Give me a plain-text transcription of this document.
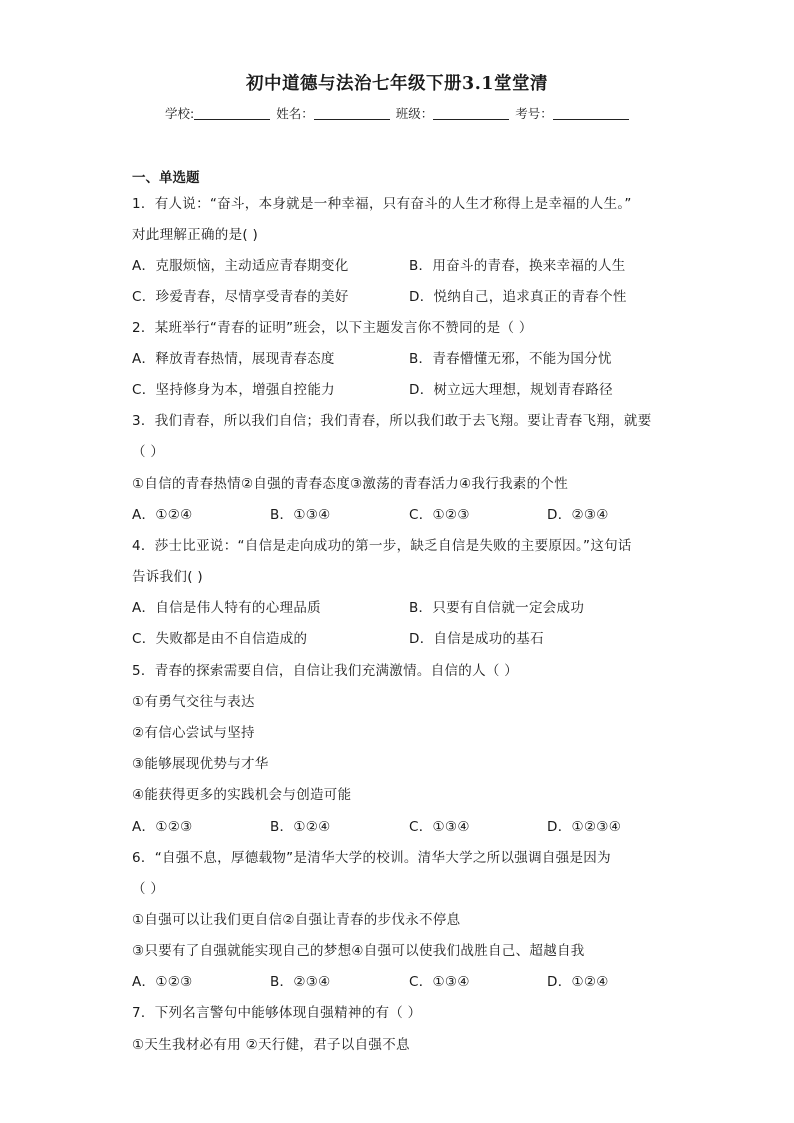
初中道德与法治七年级下册3.1堂堂清
学校:	姓名：	班级：	考号：
一、单选题
1．有人说：“奋斗，本身就是一种幸福，只有奋斗的人生才称得上是幸福的人生。”
对此理解正确的是( )
A．克服烦恼，主动适应青春期变化	B．用奋斗的青春，换来幸福的人生
C．珍爱青春，尽情享受青春的美好	D．悦纳自己，追求真正的青春个性
2．某班举行“青春的证明”班会，以下主题发言你不赞同的是（ ）
A．释放青春热情，展现青春态度	B．青春懵懂无邪，不能为国分忧
C．坚持修身为本，增强自控能力	D．树立远大理想，规划青春路径
3．我们青春，所以我们自信；我们青春，所以我们敢于去飞翔。要让青春飞翔，就要
（ ）
①自信的青春热情②自强的青春态度③激荡的青春活力④我行我素的个性
A．①②④	B．①③④	C．①②③	D．②③④
4．莎士比亚说：“自信是走向成功的第一步，缺乏自信是失败的主要原因。”这句话
告诉我们( )
A．自信是伟人特有的心理品质	B．只要有自信就一定会成功
C．失败都是由不自信造成的	D．自信是成功的基石
5．青春的探索需要自信，自信让我们充满激情。自信的人（ ）
①有勇气交往与表达
②有信心尝试与坚持
③能够展现优势与才华
④能获得更多的实践机会与创造可能
A．①②③	B．①②④	C．①③④	D．①②③④
6．“自强不息，厚德载物”是清华大学的校训。清华大学之所以强调自强是因为
（ ）
①自强可以让我们更自信②自强让青春的步伐永不停息
③只要有了自强就能实现自己的梦想④自强可以使我们战胜自己、超越自我
A．①②③	B．②③④	C．①③④	D．①②④
7．下列名言警句中能够体现自强精神的有（ ）
①天生我材必有用 ②天行健，君子以自强不息
